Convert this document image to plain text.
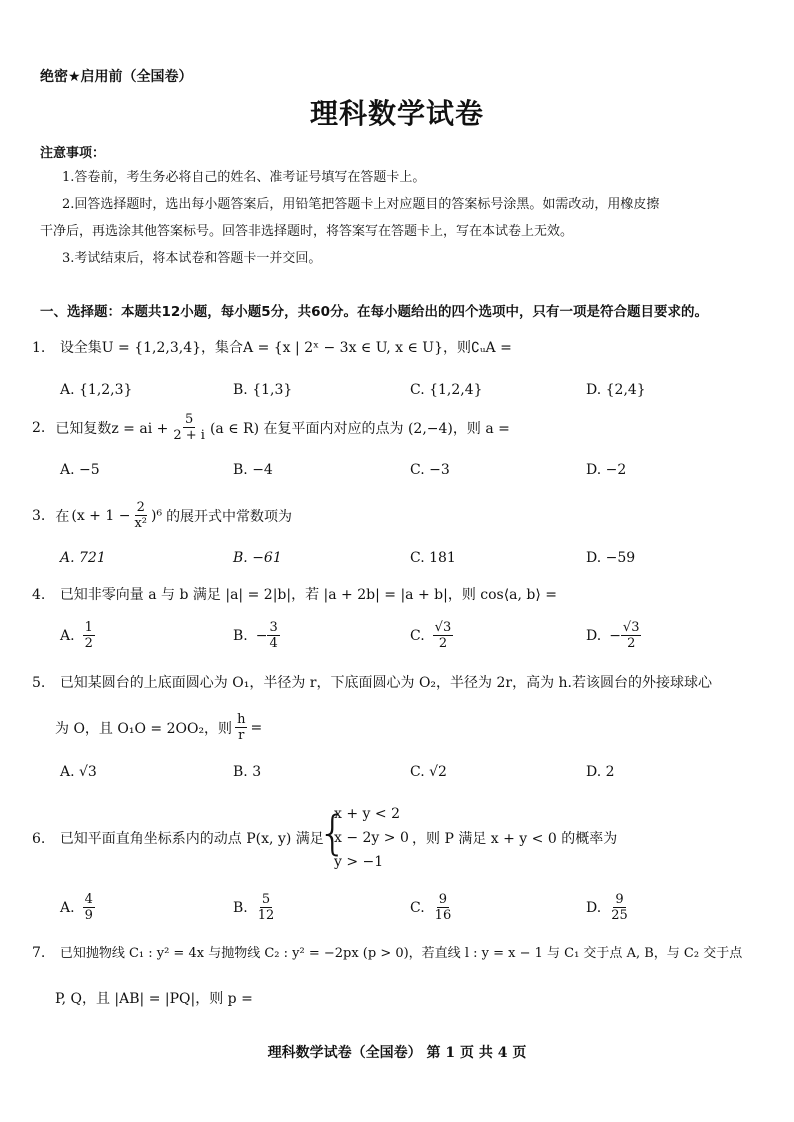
绝密★启用前（全国卷）
理科数学试卷
注意事项：
1.答卷前，考生务必将自己的姓名、准考证号填写在答题卡上。
2.回答选择题时，选出每小题答案后，用铅笔把答题卡上对应题目的答案标号涂黑。如需改动，用橡皮擦
干净后，再选涂其他答案标号。回答非选择题时，将答案写在答题卡上，写在本试卷上无效。
3.考试结束后，将本试卷和答题卡一并交回。
一、选择题：本题共12小题，每小题5分，共60分。在每小题给出的四个选项中，只有一项是符合题目要求的。
1. 设全集U = {1,2,3,4}，集合A = {x | 2ˣ − 3x ∈ U, x ∈ U}，则∁ᵤA =
A. {1,2,3}	B. {1,3}	C. {1,2,4}	D. {2,4}
2. 已知复数z = ai + $\frac{5}{2 + i} (a$ ∈ R) 在复平面内对应的点为 (2,−4)，则 a =
A. −5	B. −4	C. −3	D. −2
3. 在 $(x + 1 - \frac{2}{\text{x²}} )^6$ 的展开式中常数项为
A. 721	B. −61	C. 181	D. −59
4. 已知非零向量 a 与 b 满足 |a| = 2|b|，若 |a + 2b| = |a + b|，则 cos⟨a, b⟩ =
A. $\frac{1}{2}$	B. − $\frac{3}{4}$	C. $\frac{√3}{2}$	D. − $\frac{√3}{2}$
5. 已知某圆台的上底面圆心为 O₁，半径为 r，下底面圆心为 O₂，半径为 2r，高为 h.若该圆台的外接球球心
为 O，且 O₁O = 2OO₂，则 $\frac{h}{r}$ =
A. √3	B. 3	C. √2	D. 2
6. 已知平面直角坐标系内的动点 P(x, y) 满足
{
x + y < 2
x − 2y > 0
y > −1
，则 P 满足 x + y < 0 的概率为
A. $\frac{4}{9}$	B. $\frac{5}{12}$	C. $\frac{9}{16}$	D. $\frac{9}{25}$
7. 已知抛物线 C₁ : y² = 4x 与抛物线 C₂ : y² = −2px (p > 0)，若直线 l : y = x − 1 与 C₁ 交于点 A, B，与 C₂ 交于点
P, Q，且 |AB| = |PQ|，则 p =
理科数学试卷（全国卷） 第 1 页 共 4 页
